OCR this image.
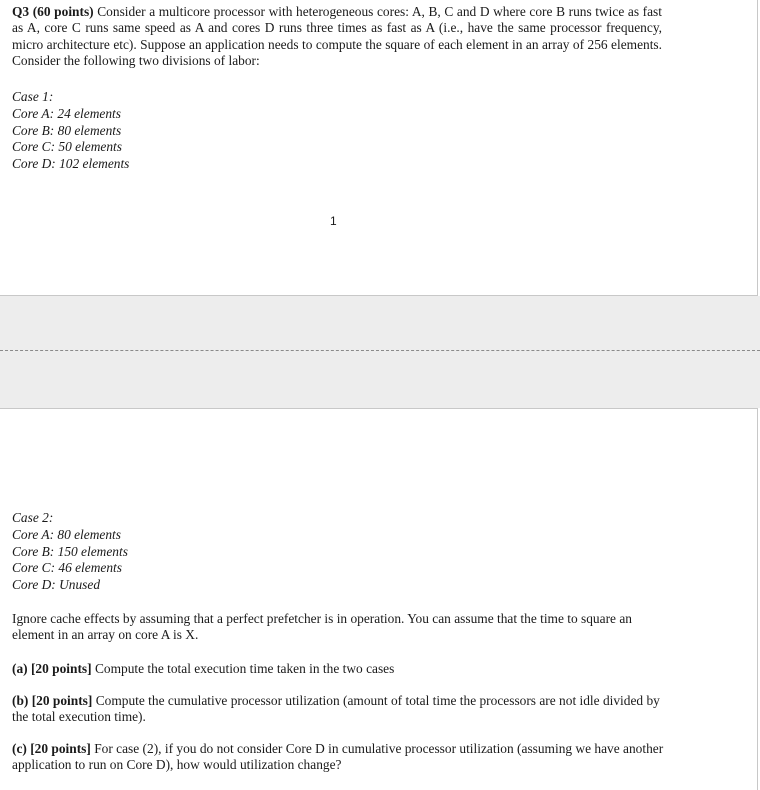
Q3 (60 points) Consider a multicore processor with heterogeneous cores: A, B, C and D where core B runs twice as fast as A, core C runs same speed as A and cores D runs three times as fast as A (i.e., have the same processor frequency, micro architecture etc). Suppose an application needs to compute the square of each element in an array of 256 elements. Consider the following two divisions of labor:

Case 1:
Core A: 24 elements
Core B: 80 elements
Core C: 50 elements
Core D: 102 elements
1
Case 2:
Core A: 80 elements
Core B: 150 elements
Core C: 46 elements
Core D: Unused

Ignore cache effects by assuming that a perfect prefetcher is in operation. You can assume that the time to square an element in an array on core A is X.

(a) [20 points] Compute the total execution time taken in the two cases

(b) [20 points] Compute the cumulative processor utilization (amount of total time the processors are not idle divided by the total execution time).

(c) [20 points] For case (2), if you do not consider Core D in cumulative processor utilization (assuming we have another application to run on Core D), how would utilization change?
